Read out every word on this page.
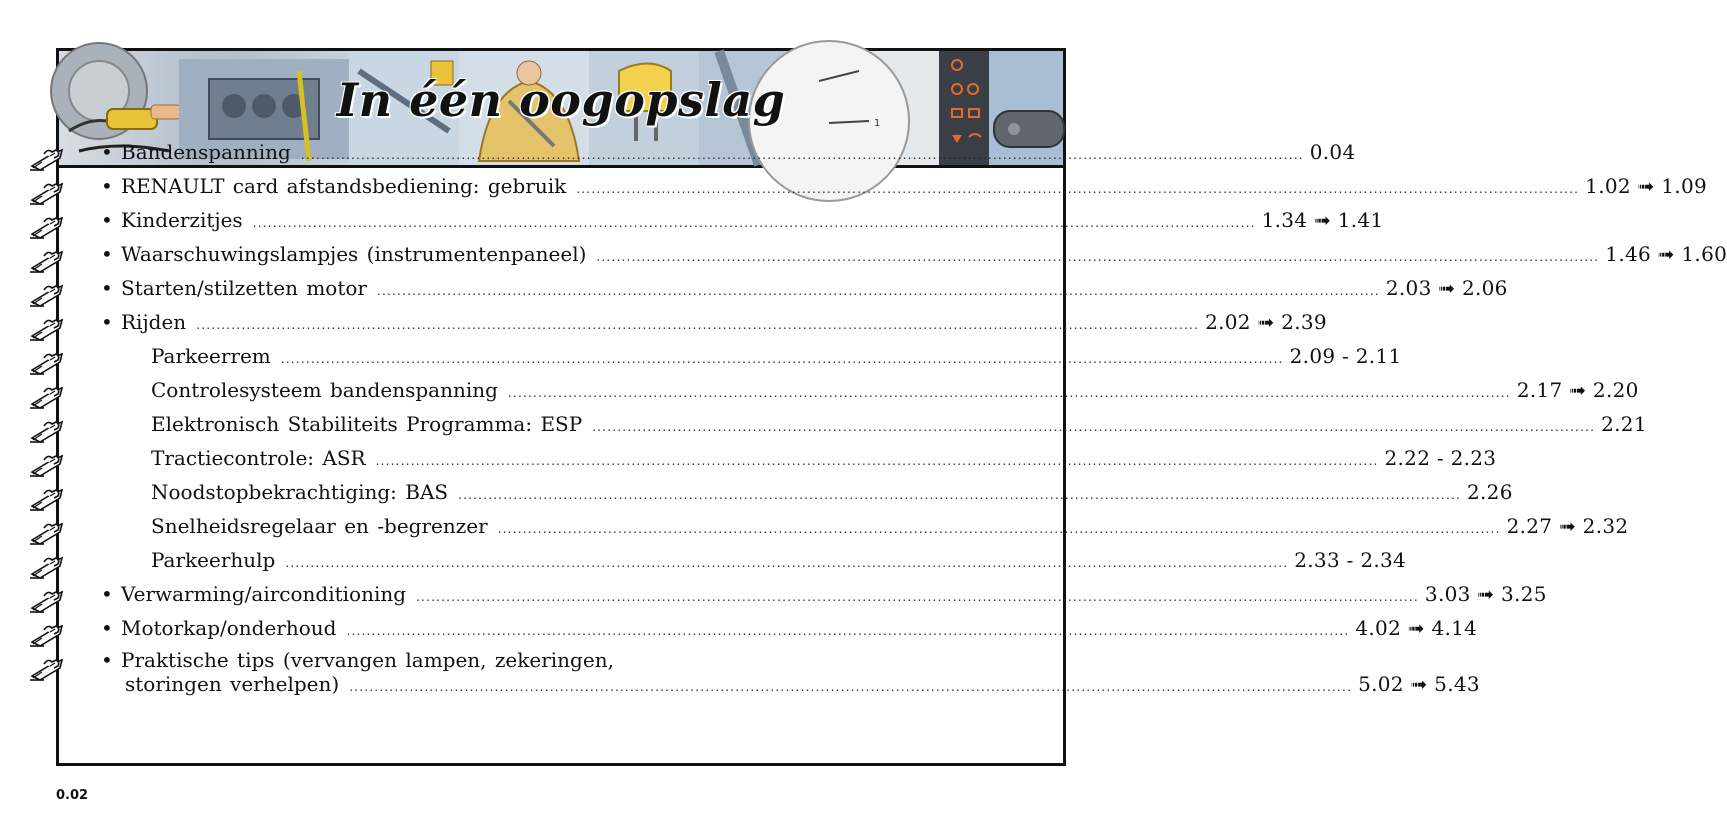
1
In één oogopslag
• Bandenspanning ........................................................................................................................................................................................................ 0.04
• RENAULT card afstandsbediening: gebruik ........................................................................................................................................................................................................ 1.02 ➟ 1.09
• Kinderzitjes ........................................................................................................................................................................................................ 1.34 ➟ 1.41
• Waarschuwingslampjes (instrumentenpaneel) ........................................................................................................................................................................................................ 1.46 ➟ 1.60
• Starten/stilzetten motor ........................................................................................................................................................................................................ 2.03 ➟ 2.06
• Rijden ........................................................................................................................................................................................................ 2.02 ➟ 2.39
Parkeerrem ........................................................................................................................................................................................................ 2.09 - 2.11
Controlesysteem bandenspanning ........................................................................................................................................................................................................ 2.17 ➟ 2.20
Elektronisch Stabiliteits Programma: ESP ........................................................................................................................................................................................................ 2.21
Tractiecontrole: ASR ........................................................................................................................................................................................................ 2.22 - 2.23
Noodstopbekrachtiging: BAS ........................................................................................................................................................................................................ 2.26
Snelheidsregelaar en -begrenzer ........................................................................................................................................................................................................ 2.27 ➟ 2.32
Parkeerhulp ........................................................................................................................................................................................................ 2.33 - 2.34
• Verwarming/airconditioning ........................................................................................................................................................................................................ 3.03 ➟ 3.25
• Motorkap/onderhoud ........................................................................................................................................................................................................ 4.02 ➟ 4.14
• Praktische tips (vervangen lampen, zekeringen,
storingen verhelpen) ........................................................................................................................................................................................................ 5.02 ➟ 5.43
0.02
